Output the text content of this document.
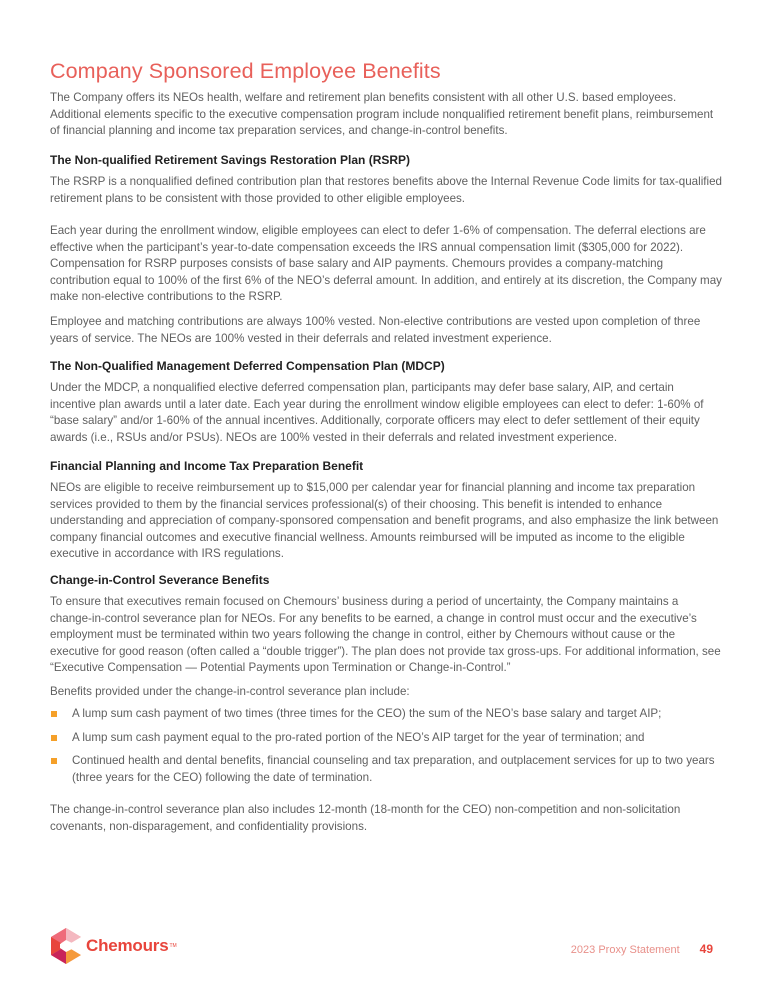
Company Sponsored Employee Benefits

The Company offers its NEOs health, welfare and retirement plan benefits consistent with all other U.S. based employees. Additional elements specific to the executive compensation program include nonqualified retirement benefit plans, reimbursement of financial planning and income tax preparation services, and change-in-control benefits.

The Non-qualified Retirement Savings Restoration Plan (RSRP)

The RSRP is a nonqualified defined contribution plan that restores benefits above the Internal Revenue Code limits for tax-qualified retirement plans to be consistent with those provided to other eligible employees.

Each year during the enrollment window, eligible employees can elect to defer 1-6% of compensation. The deferral elections are effective when the participant’s year-to-date compensation exceeds the IRS annual compensation limit ($305,000 for 2022). Compensation for RSRP purposes consists of base salary and AIP payments. Chemours provides a company-matching contribution equal to 100% of the first 6% of the NEO’s deferral amount. In addition, and entirely at its discretion, the Company may make non-elective contributions to the RSRP.

Employee and matching contributions are always 100% vested. Non-elective contributions are vested upon completion of three years of service. The NEOs are 100% vested in their deferrals and related investment experience.

The Non-Qualified Management Deferred Compensation Plan (MDCP)

Under the MDCP, a nonqualified elective deferred compensation plan, participants may defer base salary, AIP, and certain incentive plan awards until a later date. Each year during the enrollment window eligible employees can elect to defer: 1-60% of “base salary” and/or 1-60% of the annual incentives. Additionally, corporate officers may elect to defer settlement of their equity awards (i.e., RSUs and/or PSUs). NEOs are 100% vested in their deferrals and related investment experience.

Financial Planning and Income Tax Preparation Benefit

NEOs are eligible to receive reimbursement up to $15,000 per calendar year for financial planning and income tax preparation services provided to them by the financial services professional(s) of their choosing. This benefit is intended to enhance understanding and appreciation of company-sponsored compensation and benefit programs, and also emphasize the link between company financial outcomes and executive financial wellness. Amounts reimbursed will be imputed as income to the eligible executive in accordance with IRS regulations.

Change-in-Control Severance Benefits

To ensure that executives remain focused on Chemours’ business during a period of uncertainty, the Company maintains a change-in-control severance plan for NEOs. For any benefits to be earned, a change in control must occur and the executive’s employment must be terminated within two years following the change in control, either by Chemours without cause or the executive for good reason (often called a “double trigger”). The plan does not provide tax gross-ups. For additional information, see “Executive Compensation — Potential Payments upon Termination or Change-in-Control.”

Benefits provided under the change-in-control severance plan include:

A lump sum cash payment of two times (three times for the CEO) the sum of the NEO’s base salary and target AIP;
A lump sum cash payment equal to the pro-rated portion of the NEO’s AIP target for the year of termination; and
Continued health and dental benefits, financial counseling and tax preparation, and outplacement services for up to two years (three years for the CEO) following the date of termination.

The change-in-control severance plan also includes 12-month (18-month for the CEO) non-competition and non-solicitation covenants, non-disparagement, and confidentiality provisions.

Chemours TM	2023 Proxy Statement 49
